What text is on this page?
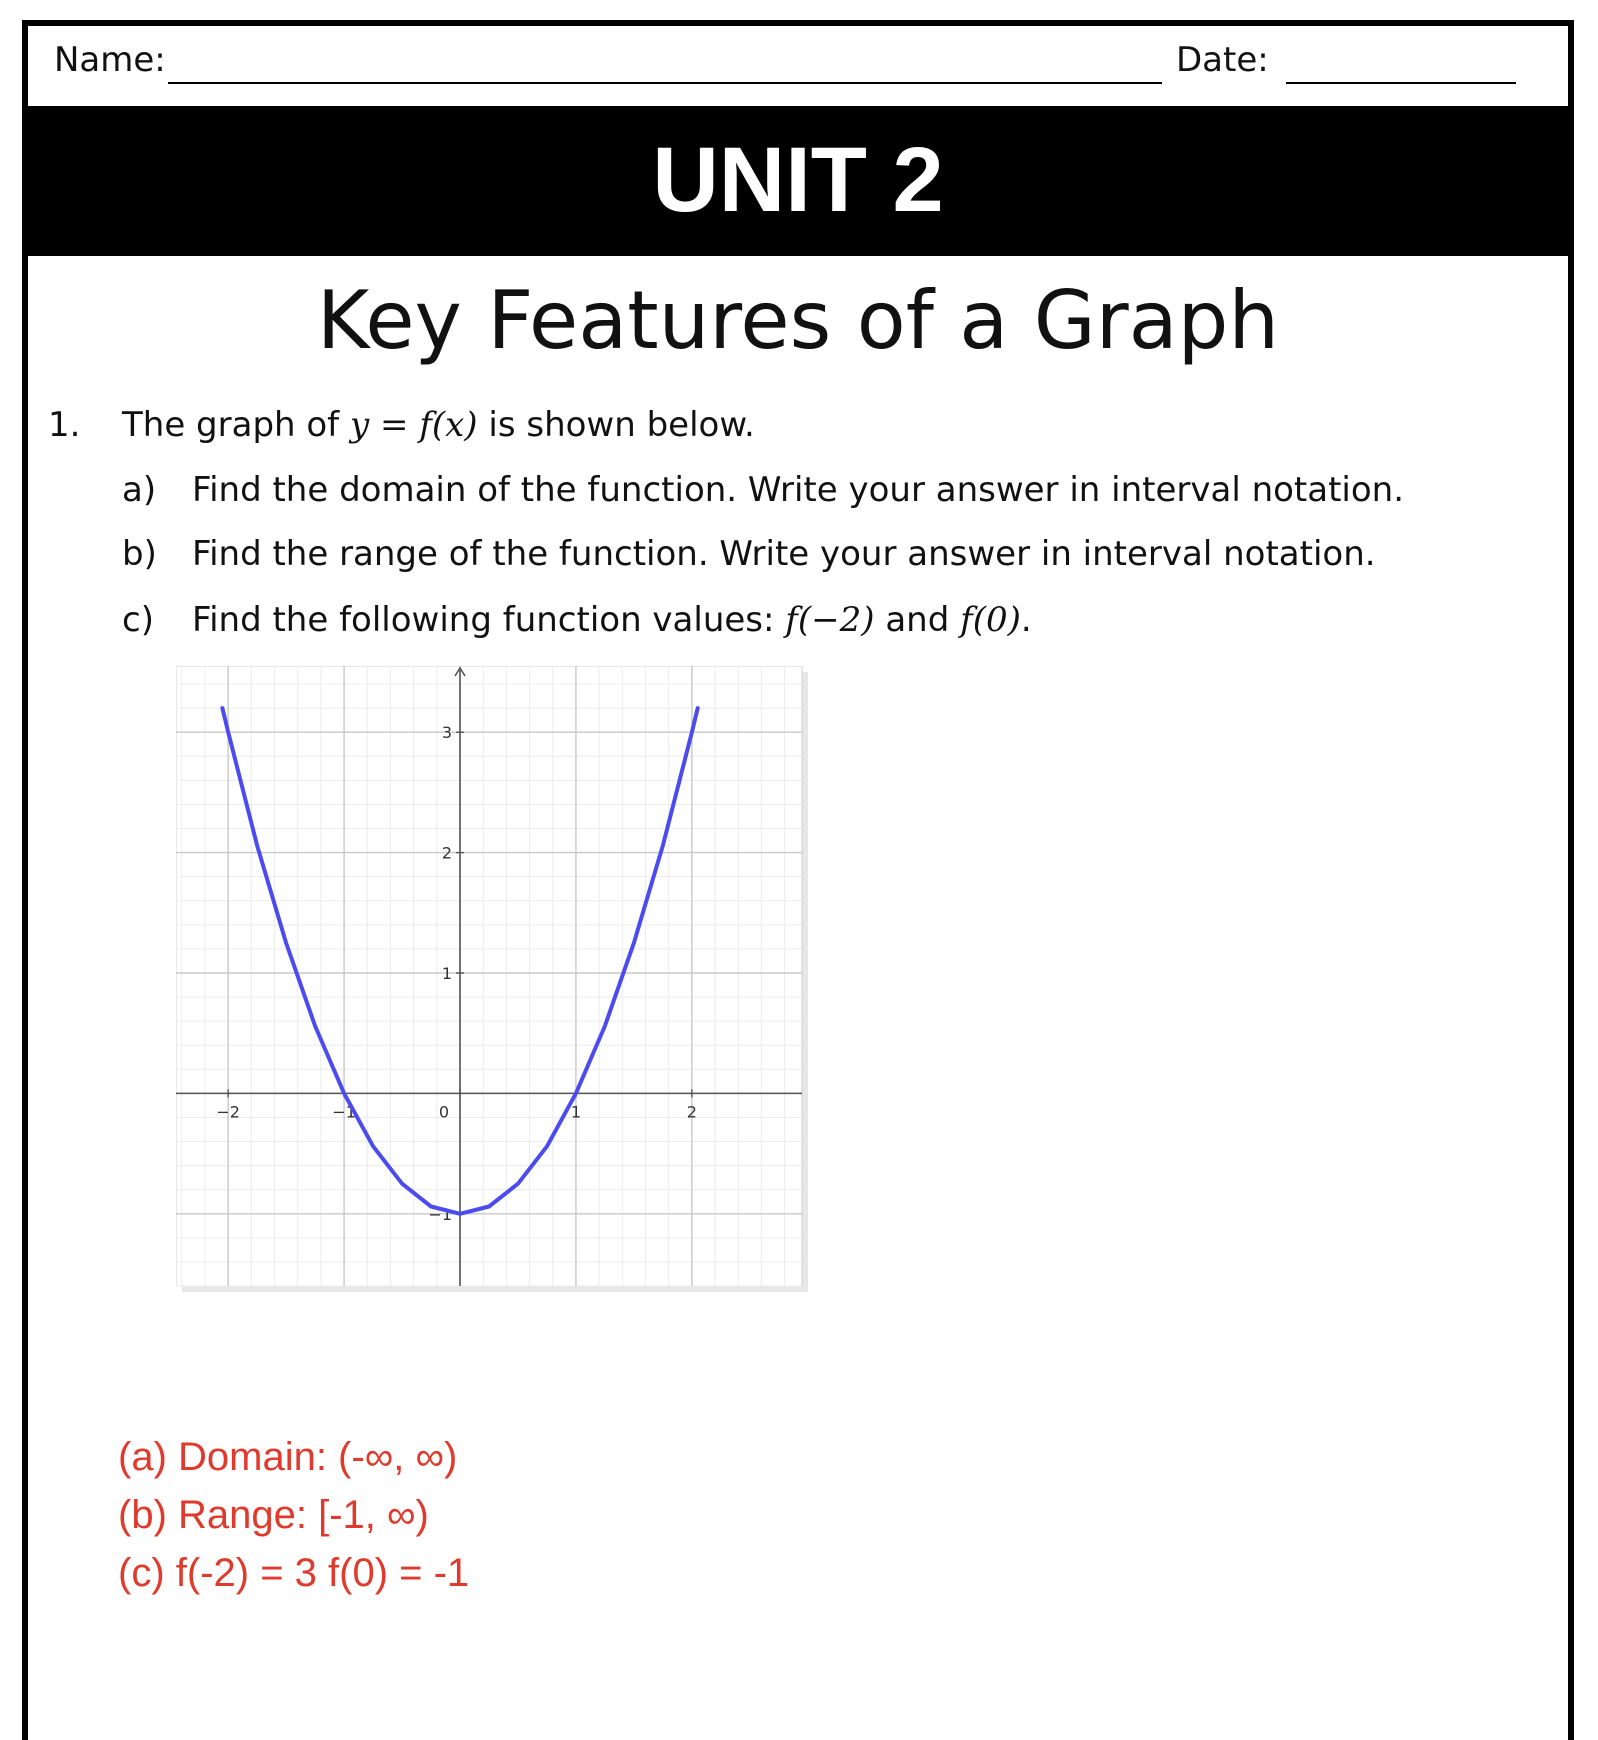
Name:	Date:
UNIT 2
Key Features of a Graph
1. The graph of y = f(x) is shown below.
a) Find the domain of the function. Write your answer in interval notation.
b) Find the range of the function. Write your answer in interval notation.
c) Find the following function values: f(−2) and f(0).
−2	−1	0	1	2
−1
1
2
3
(a) Domain: (-∞, ∞)
(b) Range: [-1, ∞)
(c) f(-2) = 3 f(0) = -1
